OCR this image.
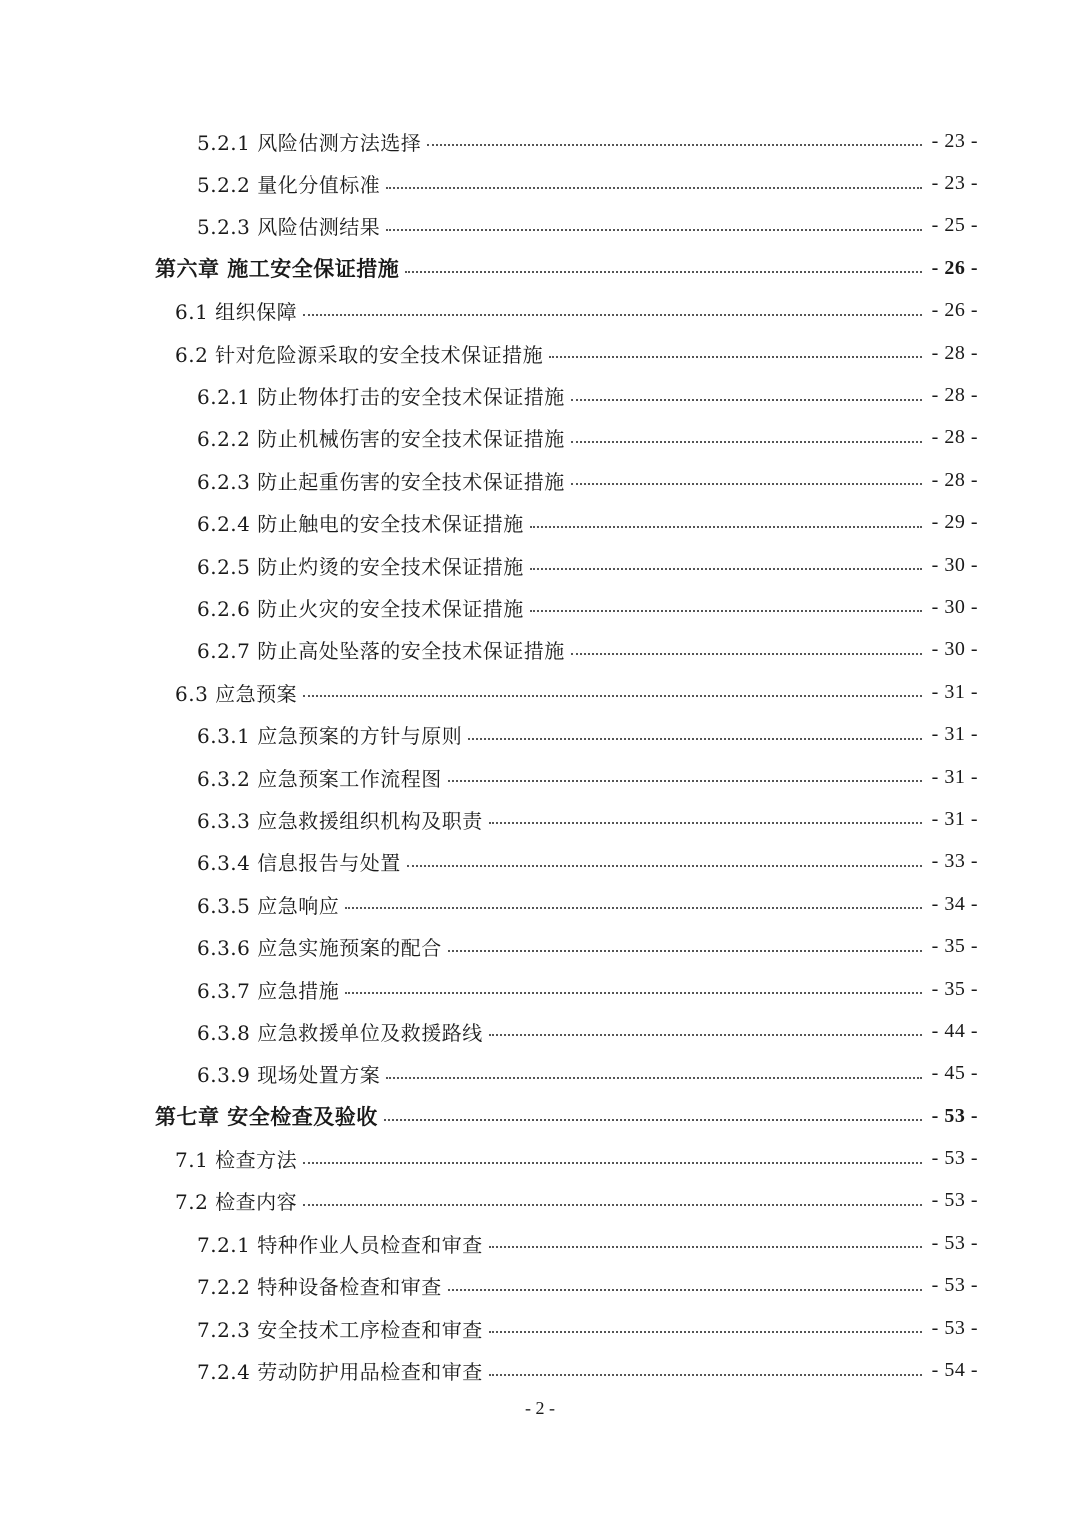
5.2.1 风险估测方法选择	- 23 -
5.2.2 量化分值标准	- 23 -
5.2.3 风险估测结果	- 25 -
第六章 施工安全保证措施	- 26 -
6.1 组织保障	- 26 -
6.2 针对危险源采取的安全技术保证措施	- 28 -
6.2.1 防止物体打击的安全技术保证措施	- 28 -
6.2.2 防止机械伤害的安全技术保证措施	- 28 -
6.2.3 防止起重伤害的安全技术保证措施	- 28 -
6.2.4 防止触电的安全技术保证措施	- 29 -
6.2.5 防止灼烫的安全技术保证措施	- 30 -
6.2.6 防止火灾的安全技术保证措施	- 30 -
6.2.7 防止高处坠落的安全技术保证措施	- 30 -
6.3 应急预案	- 31 -
6.3.1 应急预案的方针与原则	- 31 -
6.3.2 应急预案工作流程图	- 31 -
6.3.3 应急救援组织机构及职责	- 31 -
6.3.4 信息报告与处置	- 33 -
6.3.5 应急响应	- 34 -
6.3.6 应急实施预案的配合	- 35 -
6.3.7 应急措施	- 35 -
6.3.8 应急救援单位及救援路线	- 44 -
6.3.9 现场处置方案	- 45 -
第七章 安全检查及验收	- 53 -
7.1 检查方法	- 53 -
7.2 检查内容	- 53 -
7.2.1 特种作业人员检查和审查	- 53 -
7.2.2 特种设备检查和审查	- 53 -
7.2.3 安全技术工序检查和审查	- 53 -
7.2.4 劳动防护用品检查和审查	- 54 -
- 2 -
